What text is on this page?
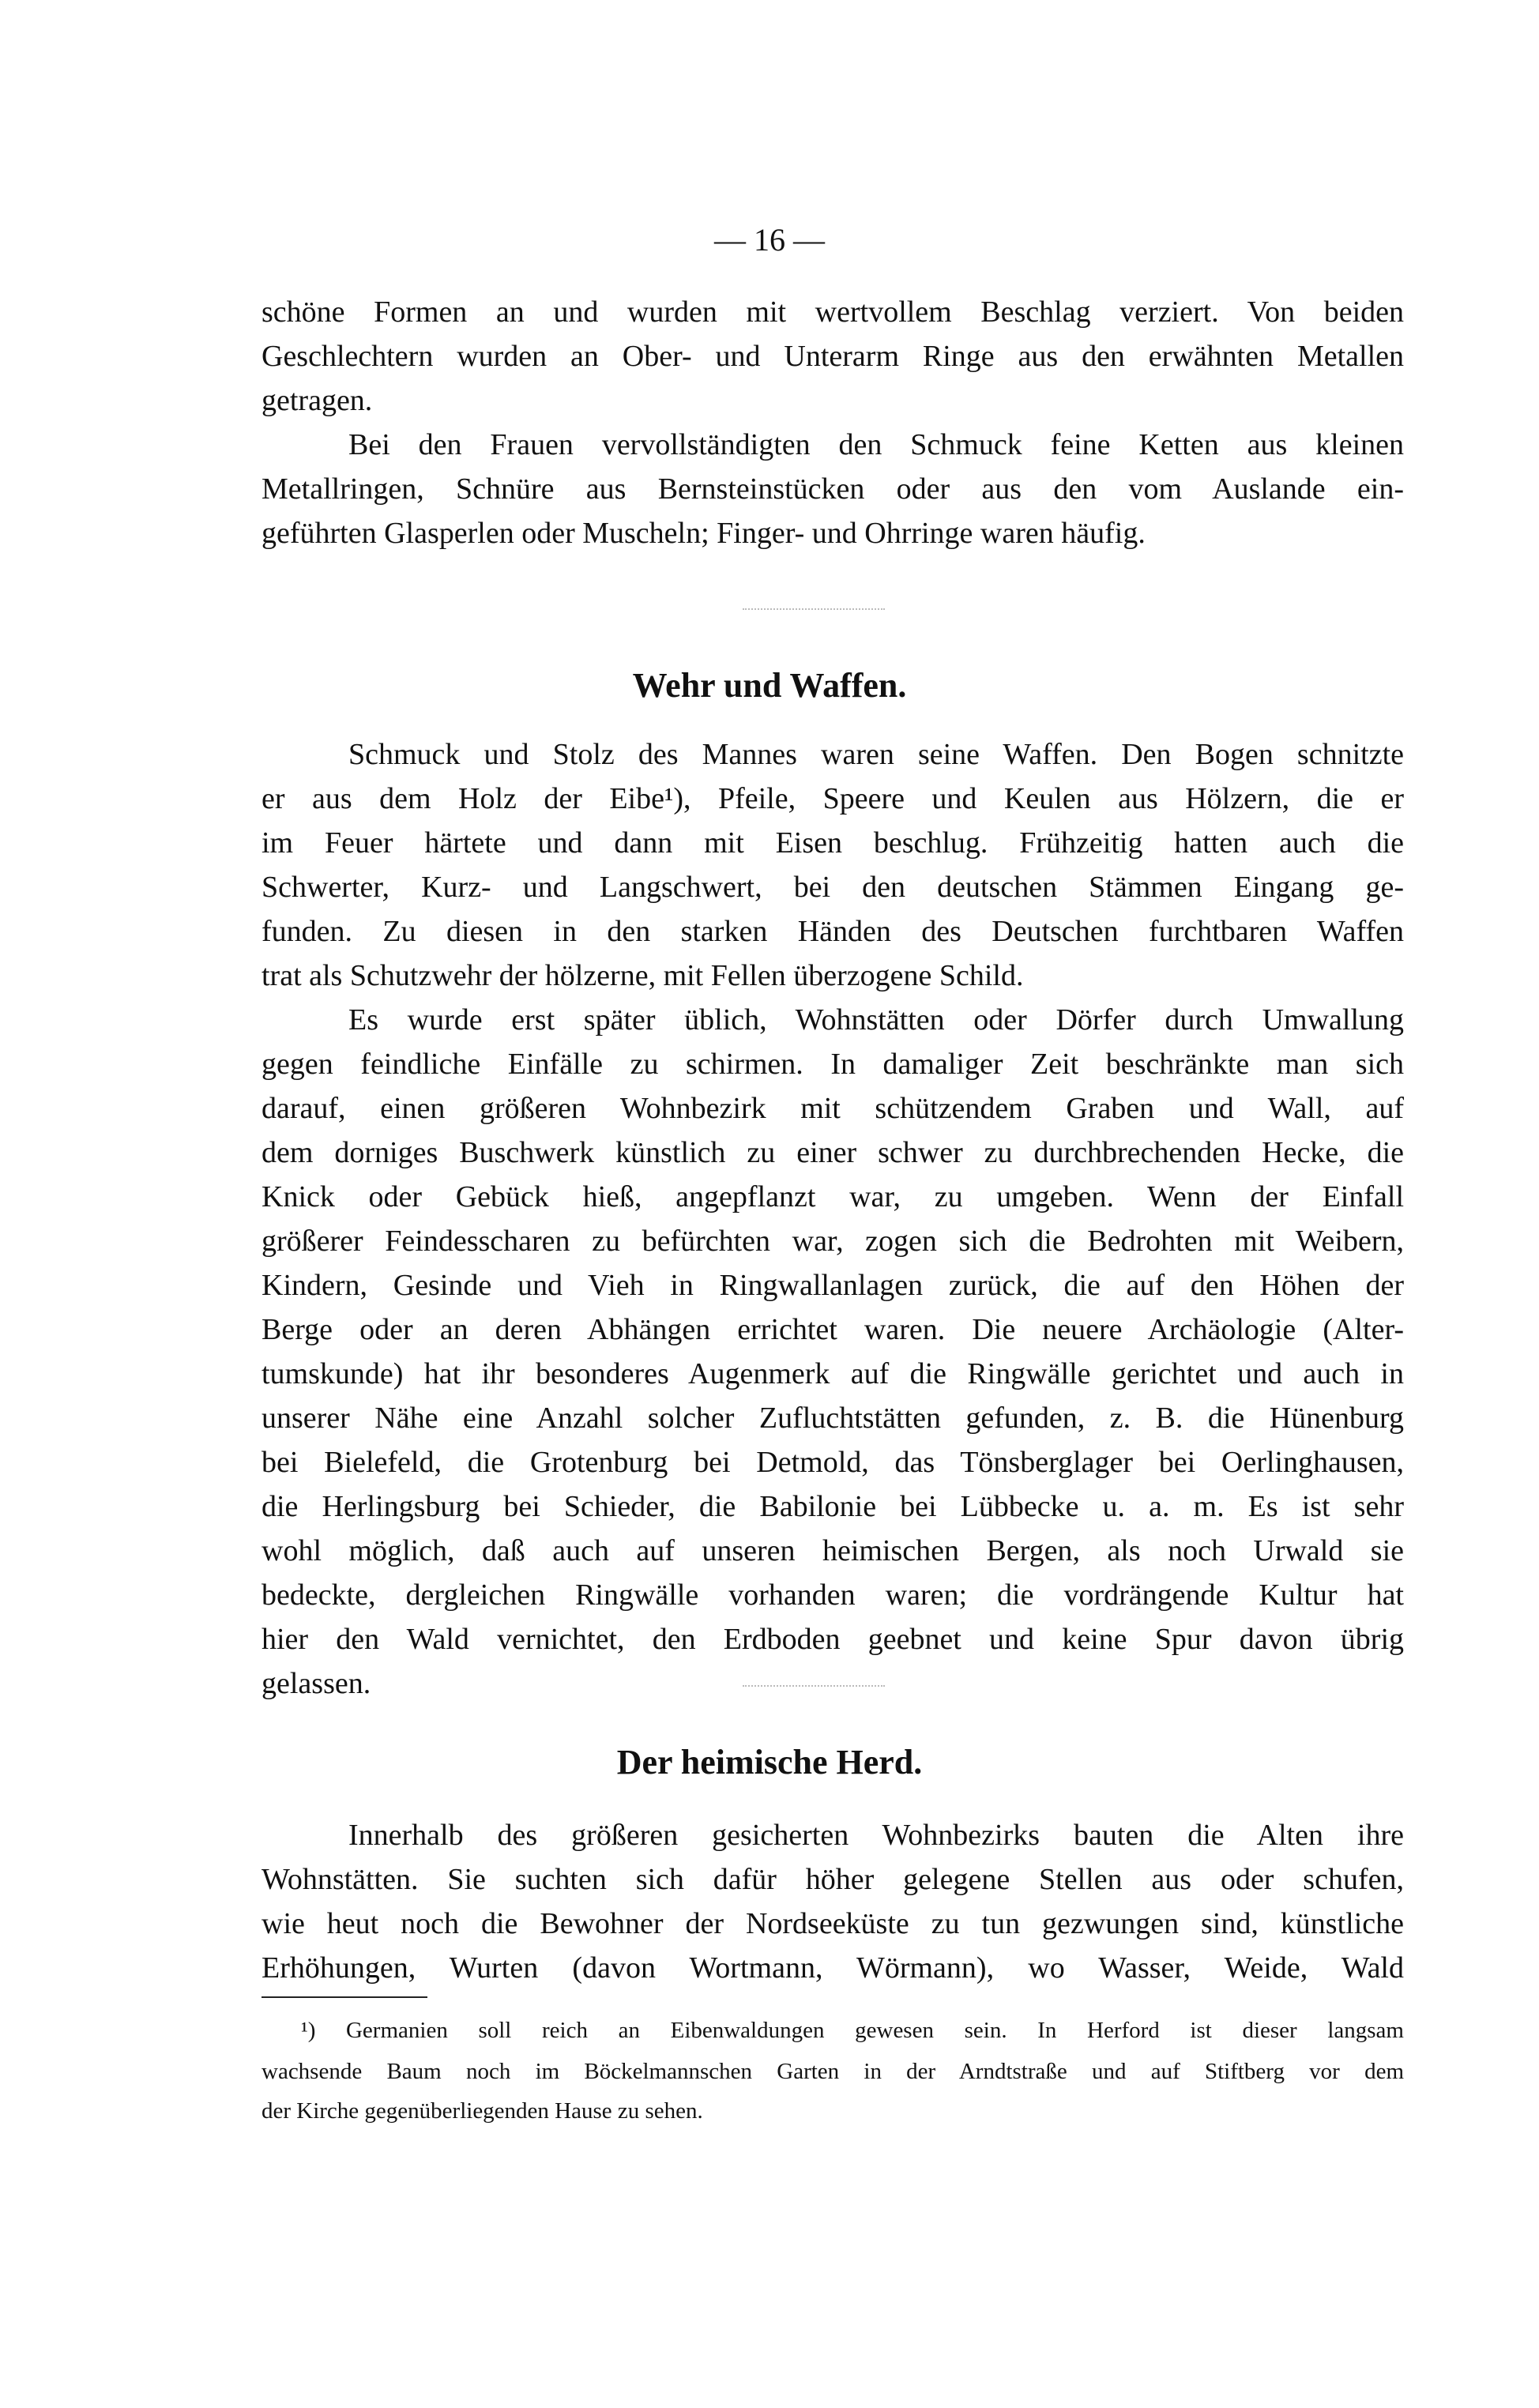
— 16 —
schöne Formen an und wurden mit wertvollem Beschlag verziert. Von beiden
Geschlechtern wurden an Ober- und Unterarm Ringe aus den erwähnten Metallen
getragen.
Bei den Frauen vervollständigten den Schmuck feine Ketten aus kleinen
Metallringen, Schnüre aus Bernsteinstücken oder aus den vom Auslande ein-
geführten Glasperlen oder Muscheln; Finger- und Ohrringe waren häufig.
Wehr und Waffen.
Schmuck und Stolz des Mannes waren seine Waffen. Den Bogen schnitzte
er aus dem Holz der Eibe¹), Pfeile, Speere und Keulen aus Hölzern, die er
im Feuer härtete und dann mit Eisen beschlug. Frühzeitig hatten auch die
Schwerter, Kurz- und Langschwert, bei den deutschen Stämmen Eingang ge-
funden. Zu diesen in den starken Händen des Deutschen furchtbaren Waffen
trat als Schutzwehr der hölzerne, mit Fellen überzogene Schild.
Es wurde erst später üblich, Wohnstätten oder Dörfer durch Umwallung
gegen feindliche Einfälle zu schirmen. In damaliger Zeit beschränkte man sich
darauf, einen größeren Wohnbezirk mit schützendem Graben und Wall, auf
dem dorniges Buschwerk künstlich zu einer schwer zu durchbrechenden Hecke, die
Knick oder Gebück hieß, angepflanzt war, zu umgeben. Wenn der Einfall
größerer Feindesscharen zu befürchten war, zogen sich die Bedrohten mit Weibern,
Kindern, Gesinde und Vieh in Ringwallanlagen zurück, die auf den Höhen der
Berge oder an deren Abhängen errichtet waren. Die neuere Archäologie (Alter-
tumskunde) hat ihr besonderes Augenmerk auf die Ringwälle gerichtet und auch in
unserer Nähe eine Anzahl solcher Zufluchtstätten gefunden, z. B. die Hünenburg
bei Bielefeld, die Grotenburg bei Detmold, das Tönsberglager bei Oerlinghausen,
die Herlingsburg bei Schieder, die Babilonie bei Lübbecke u. a. m. Es ist sehr
wohl möglich, daß auch auf unseren heimischen Bergen, als noch Urwald sie
bedeckte, dergleichen Ringwälle vorhanden waren; die vordrängende Kultur hat
hier den Wald vernichtet, den Erdboden geebnet und keine Spur davon übrig
gelassen.
Der heimische Herd.
Innerhalb des größeren gesicherten Wohnbezirks bauten die Alten ihre
Wohnstätten. Sie suchten sich dafür höher gelegene Stellen aus oder schufen,
wie heut noch die Bewohner der Nordseeküste zu tun gezwungen sind, künstliche
Erhöhungen, Wurten (davon Wortmann, Wörmann), wo Wasser, Weide, Wald
¹) Germanien soll reich an Eibenwaldungen gewesen sein. In Herford ist dieser langsam
wachsende Baum noch im Böckelmannschen Garten in der Arndtstraße und auf Stiftberg vor dem
der Kirche gegenüberliegenden Hause zu sehen.
